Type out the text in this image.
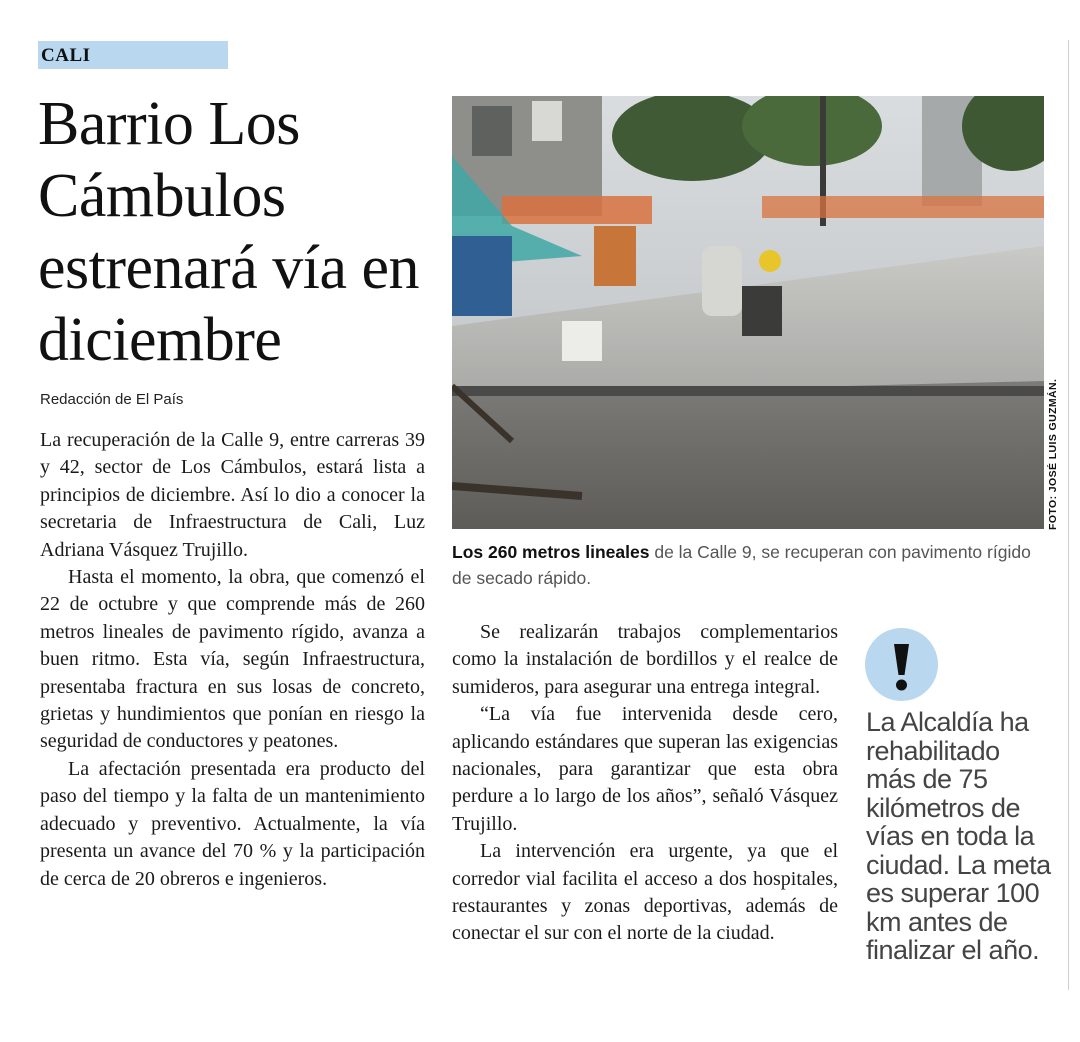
CALI
Barrio Los Cámbulos estrenará vía en diciembre
Redacción de El País

La recuperación de la Calle 9, entre carreras 39 y 42, sector de Los Cámbulos, estará lista a principios de diciembre. Así lo dio a conocer la secretaria de Infraestructura de Cali, Luz Adriana Vásquez Trujillo.

Hasta el momento, la obra, que comenzó el 22 de octubre y que comprende más de 260 metros lineales de pavimento rígido, avanza a buen ritmo. Esta vía, según Infraestructura, presentaba fractura en sus losas de concreto, grietas y hundimientos que ponían en riesgo la seguridad de conductores y peatones.

La afectación presentada era producto del paso del tiempo y la falta de un mantenimiento adecuado y preventivo. Actualmente, la vía presenta un avance del 70 % y la participación de cerca de 20 obreros e ingenieros.

FOTO: JOSÉ LUIS GUZMÁN.
Los 260 metros lineales de la Calle 9, se recuperan con pavimento rígido de secado rápido.

Se realizarán trabajos complementarios como la instalación de bordillos y el realce de sumideros, para asegurar una entrega integral.

“La vía fue intervenida desde cero, aplicando estándares que superan las exigencias nacionales, para garantizar que esta obra perdure a lo largo de los años”, señaló Vásquez Trujillo.

La intervención era urgente, ya que el corredor vial facilita el acceso a dos hospitales, restaurantes y zonas deportivas, además de conectar el sur con el norte de la ciudad.

La Alcaldía ha rehabilitado más de 75 kilómetros de vías en toda la ciudad. La meta es superar 100 km antes de finalizar el año.
